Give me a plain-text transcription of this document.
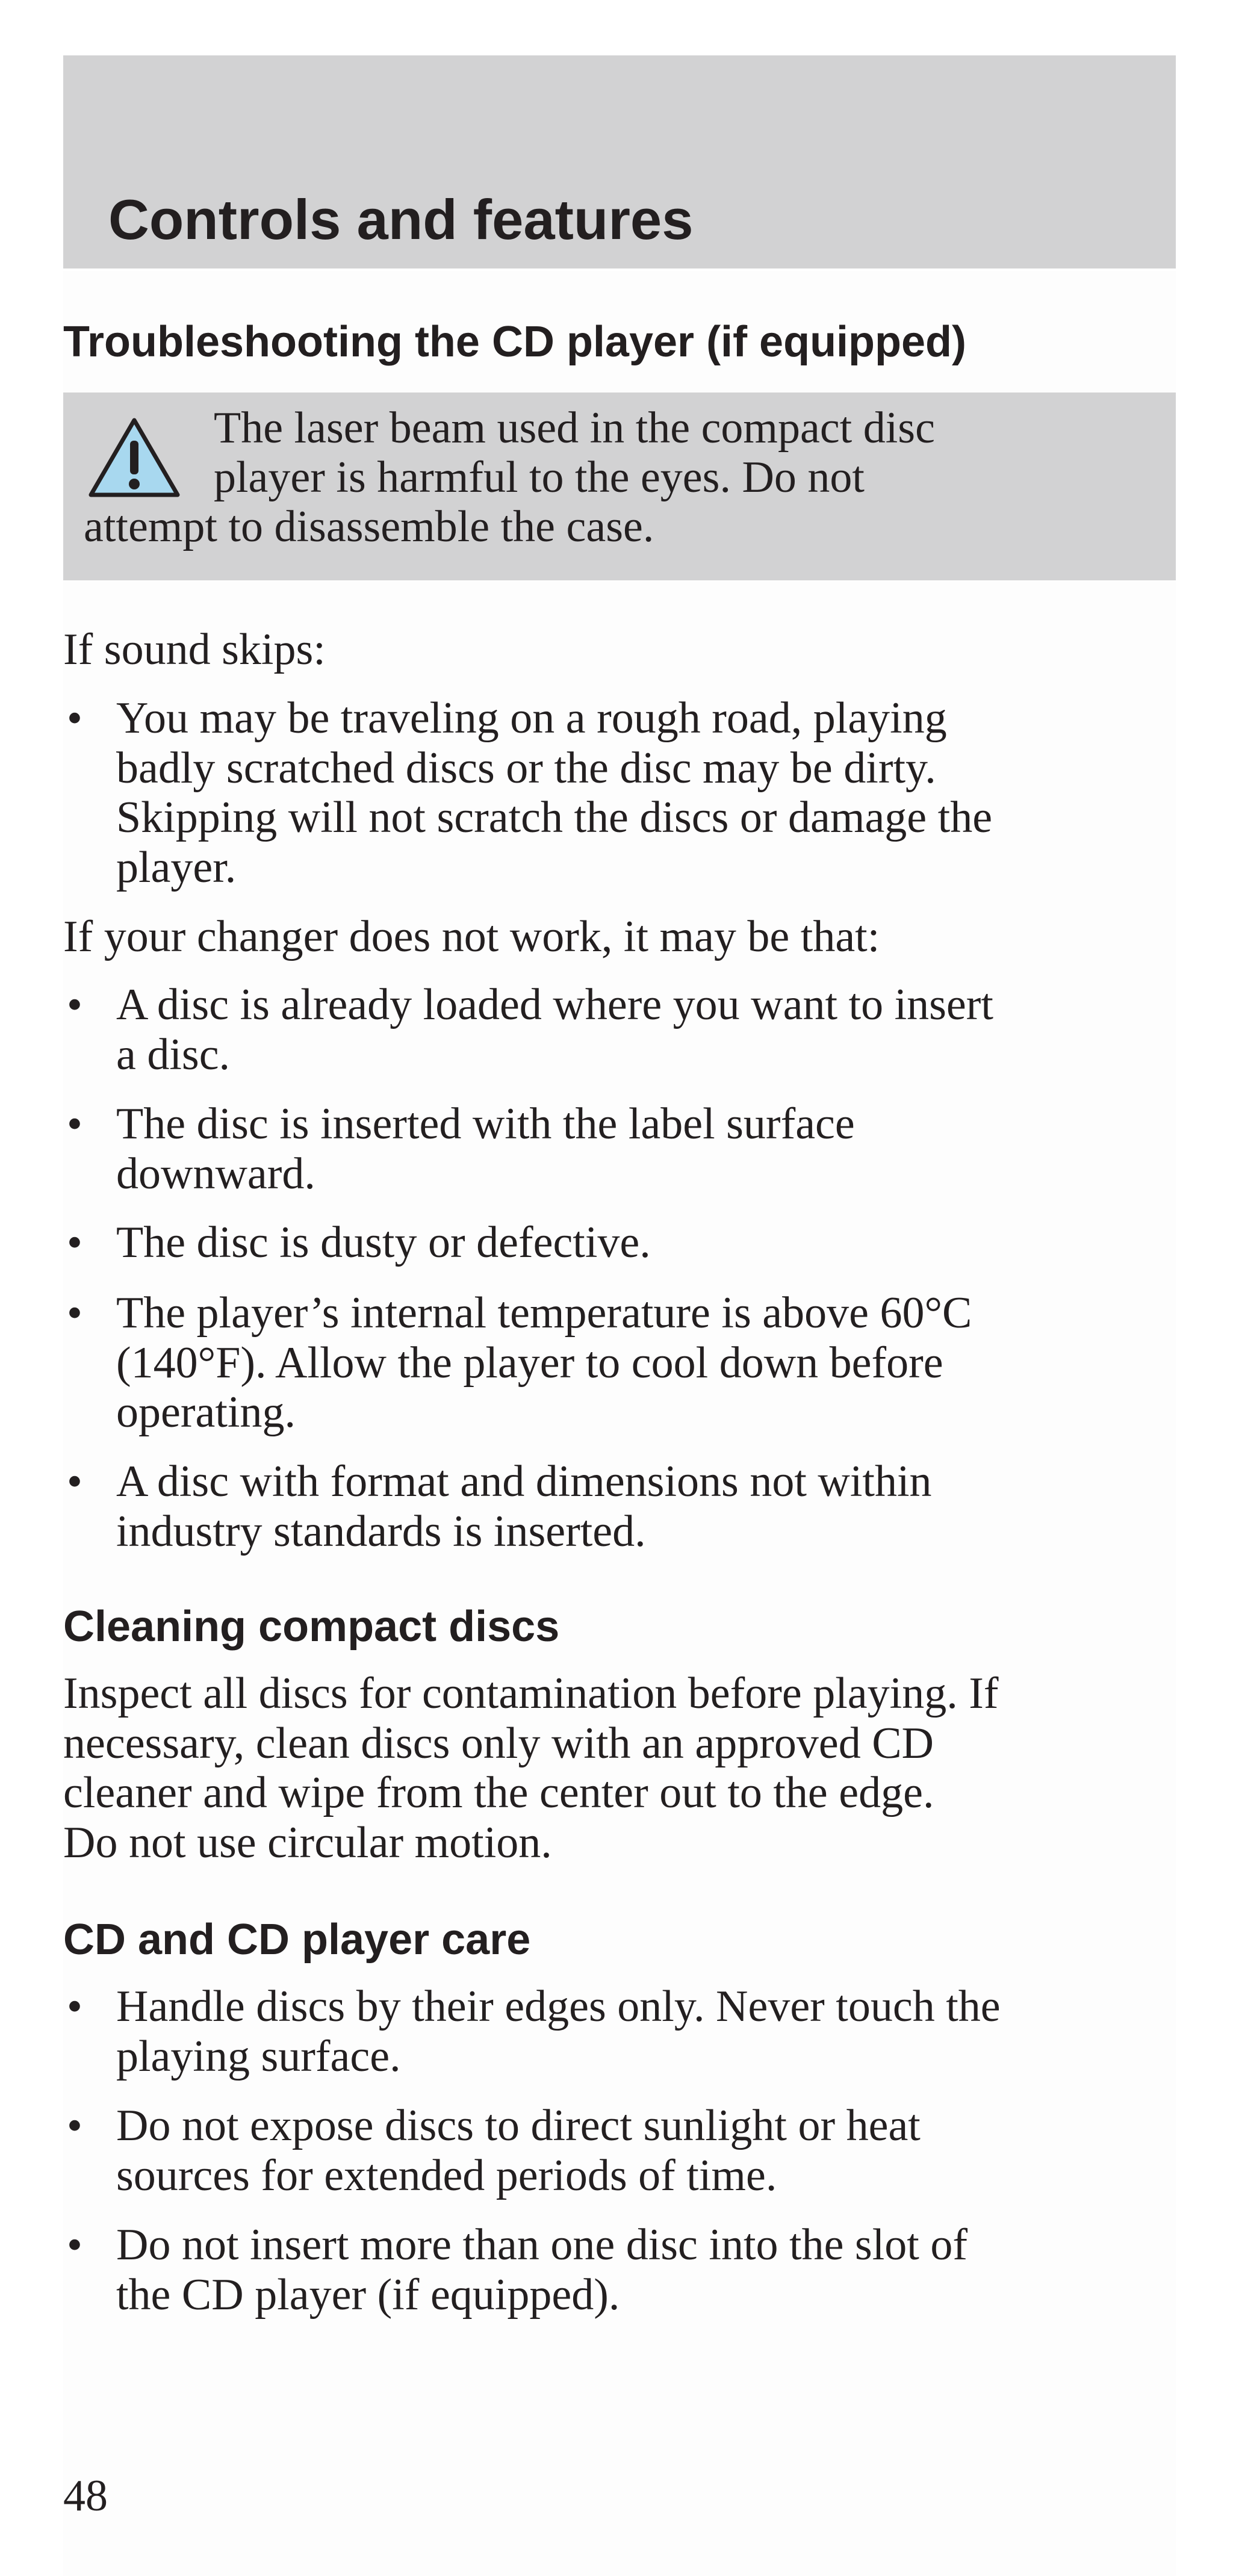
Controls and features
Troubleshooting the CD player (if equipped)
The laser beam used in the compact disc
player is harmful to the eyes. Do not
attempt to disassemble the case.

If sound skips:

• You may be traveling on a rough road, playing

badly scratched discs or the disc may be dirty.

Skipping will not scratch the discs or damage the

player.

If your changer does not work, it may be that:

• A disc is already loaded where you want to insert

a disc.

• The disc is inserted with the label surface

downward.

• The disc is dusty or defective.

• The player’s internal temperature is above 60°C

(140°F). Allow the player to cool down before

operating.

• A disc with format and dimensions not within

industry standards is inserted.

Cleaning compact discs

Inspect all discs for contamination before playing. If

necessary, clean discs only with an approved CD

cleaner and wipe from the center out to the edge.

Do not use circular motion.

CD and CD player care
• Handle discs by their edges only. Never touch the

playing surface.

• Do not expose discs to direct sunlight or heat

sources for extended periods of time.

• Do not insert more than one disc into the slot of

the CD player (if equipped).

48
